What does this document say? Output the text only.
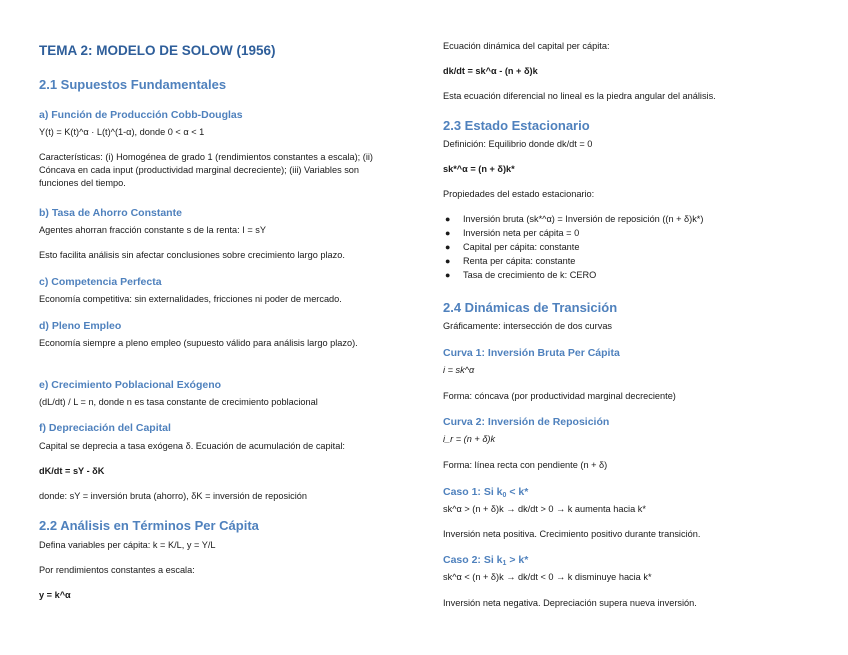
TEMA 2: MODELO DE SOLOW (1956)
2.1 Supuestos Fundamentales
a) Función de Producción Cobb-Douglas
Y(t) = K(t)^α · L(t)^(1-α), donde 0 < α < 1
Características: (i) Homogénea de grado 1 (rendimientos constantes a escala); (ii) Cóncava en cada input (productividad marginal decreciente); (iii) Variables son funciones del tiempo.
b) Tasa de Ahorro Constante
Agentes ahorran fracción constante s de la renta: I = sY
Esto facilita análisis sin afectar conclusiones sobre crecimiento largo plazo.
c) Competencia Perfecta
Economía competitiva: sin externalidades, fricciones ni poder de mercado.
d) Pleno Empleo
Economía siempre a pleno empleo (supuesto válido para análisis largo plazo).
e) Crecimiento Poblacional Exógeno
(dL/dt) / L = n, donde n es tasa constante de crecimiento poblacional
f) Depreciación del Capital
Capital se deprecia a tasa exógena δ. Ecuación de acumulación de capital:
dK/dt = sY - δK
donde: sY = inversión bruta (ahorro), δK = inversión de reposición
2.2 Análisis en Términos Per Cápita
Defina variables per cápita: k = K/L, y = Y/L
Por rendimientos constantes a escala:
y = k^α
Ecuación dinámica del capital per cápita:
dk/dt = sk^α - (n + δ)k
Esta ecuación diferencial no lineal es la piedra angular del análisis.
2.3 Estado Estacionario
Definición: Equilibrio donde dk/dt = 0
sk*^α = (n + δ)k*
Propiedades del estado estacionario:
● Inversión bruta (sk*^α) = Inversión de reposición ((n + δ)k*)
● Inversión neta per cápita = 0
● Capital per cápita: constante
● Renta per cápita: constante
● Tasa de crecimiento de k: CERO
2.4 Dinámicas de Transición
Gráficamente: intersección de dos curvas
Curva 1: Inversión Bruta Per Cápita
i = sk^α
Forma: cóncava (por productividad marginal decreciente)
Curva 2: Inversión de Reposición
i_r = (n + δ)k
Forma: línea recta con pendiente (n + δ)
Caso 1: Si $k_0 < k*$
sk^α > (n + δ)k → dk/dt > 0 → k aumenta hacia k*
Inversión neta positiva. Crecimiento positivo durante transición.
Caso 2: Si $k_1 > k*$
sk^α < (n + δ)k → dk/dt < 0 → k disminuye hacia k*
Inversión neta negativa. Depreciación supera nueva inversión.
